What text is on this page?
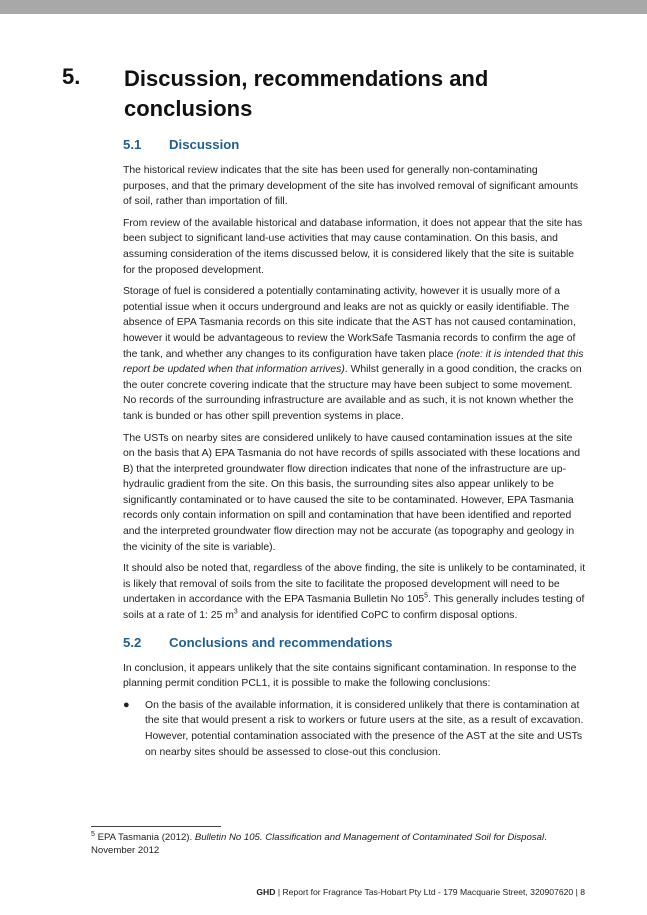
5. Discussion, recommendations and conclusions
5.1 Discussion

The historical review indicates that the site has been used for generally non-contaminating purposes, and that the primary development of the site has involved removal of significant amounts of soil, rather than importation of fill.

From review of the available historical and database information, it does not appear that the site has been subject to significant land-use activities that may cause contamination. On this basis, and assuming consideration of the items discussed below, it is considered likely that the site is suitable for the proposed development.

Storage of fuel is considered a potentially contaminating activity, however it is usually more of a potential issue when it occurs underground and leaks are not as quickly or easily identifiable. The absence of EPA Tasmania records on this site indicate that the AST has not caused contamination, however it would be advantageous to review the WorkSafe Tasmania records to confirm the age of the tank, and whether any changes to its configuration have taken place (note: it is intended that this report be updated when that information arrives). Whilst generally in a good condition, the cracks on the outer concrete covering indicate that the structure may have been subject to some movement. No records of the surrounding infrastructure are available and as such, it is not known whether the tank is bunded or has other spill prevention systems in place.

The USTs on nearby sites are considered unlikely to have caused contamination issues at the site on the basis that A) EPA Tasmania do not have records of spills associated with these locations and B) that the interpreted groundwater flow direction indicates that none of the infrastructure are up-hydraulic gradient from the site. On this basis, the surrounding sites also appear unlikely to be significantly contaminated or to have caused the site to be contaminated. However, EPA Tasmania records only contain information on spill and contamination that have been identified and reported and the interpreted groundwater flow direction may not be accurate (as topography and geology in the vicinity of the site is variable).

It should also be noted that, regardless of the above finding, the site is unlikely to be contaminated, it is likely that removal of soils from the site to facilitate the proposed development will need to be undertaken in accordance with the EPA Tasmania Bulletin No $105^5$. This generally includes testing of soils at a rate of 1: 25 $m^3$ and analysis for identified CoPC to confirm disposal options.

5.2 Conclusions and recommendations

In conclusion, it appears unlikely that the site contains significant contamination. In response to the planning permit condition PCL1, it is possible to make the following conclusions:

● On the basis of the available information, it is considered unlikely that there is contamination at the site that would present a risk to workers or future users at the site, as a result of excavation. However, potential contamination associated with the presence of the AST at the site and USTs on nearby sites should be assessed to close-out this conclusion.

$^5$ EPA Tasmania (2012). Bulletin No 105. Classification and Management of Contaminated Soil for Disposal. November 2012
GHD | Report for Fragrance Tas-Hobart Pty Ltd - 179 Macquarie Street, 320907620 | 8
